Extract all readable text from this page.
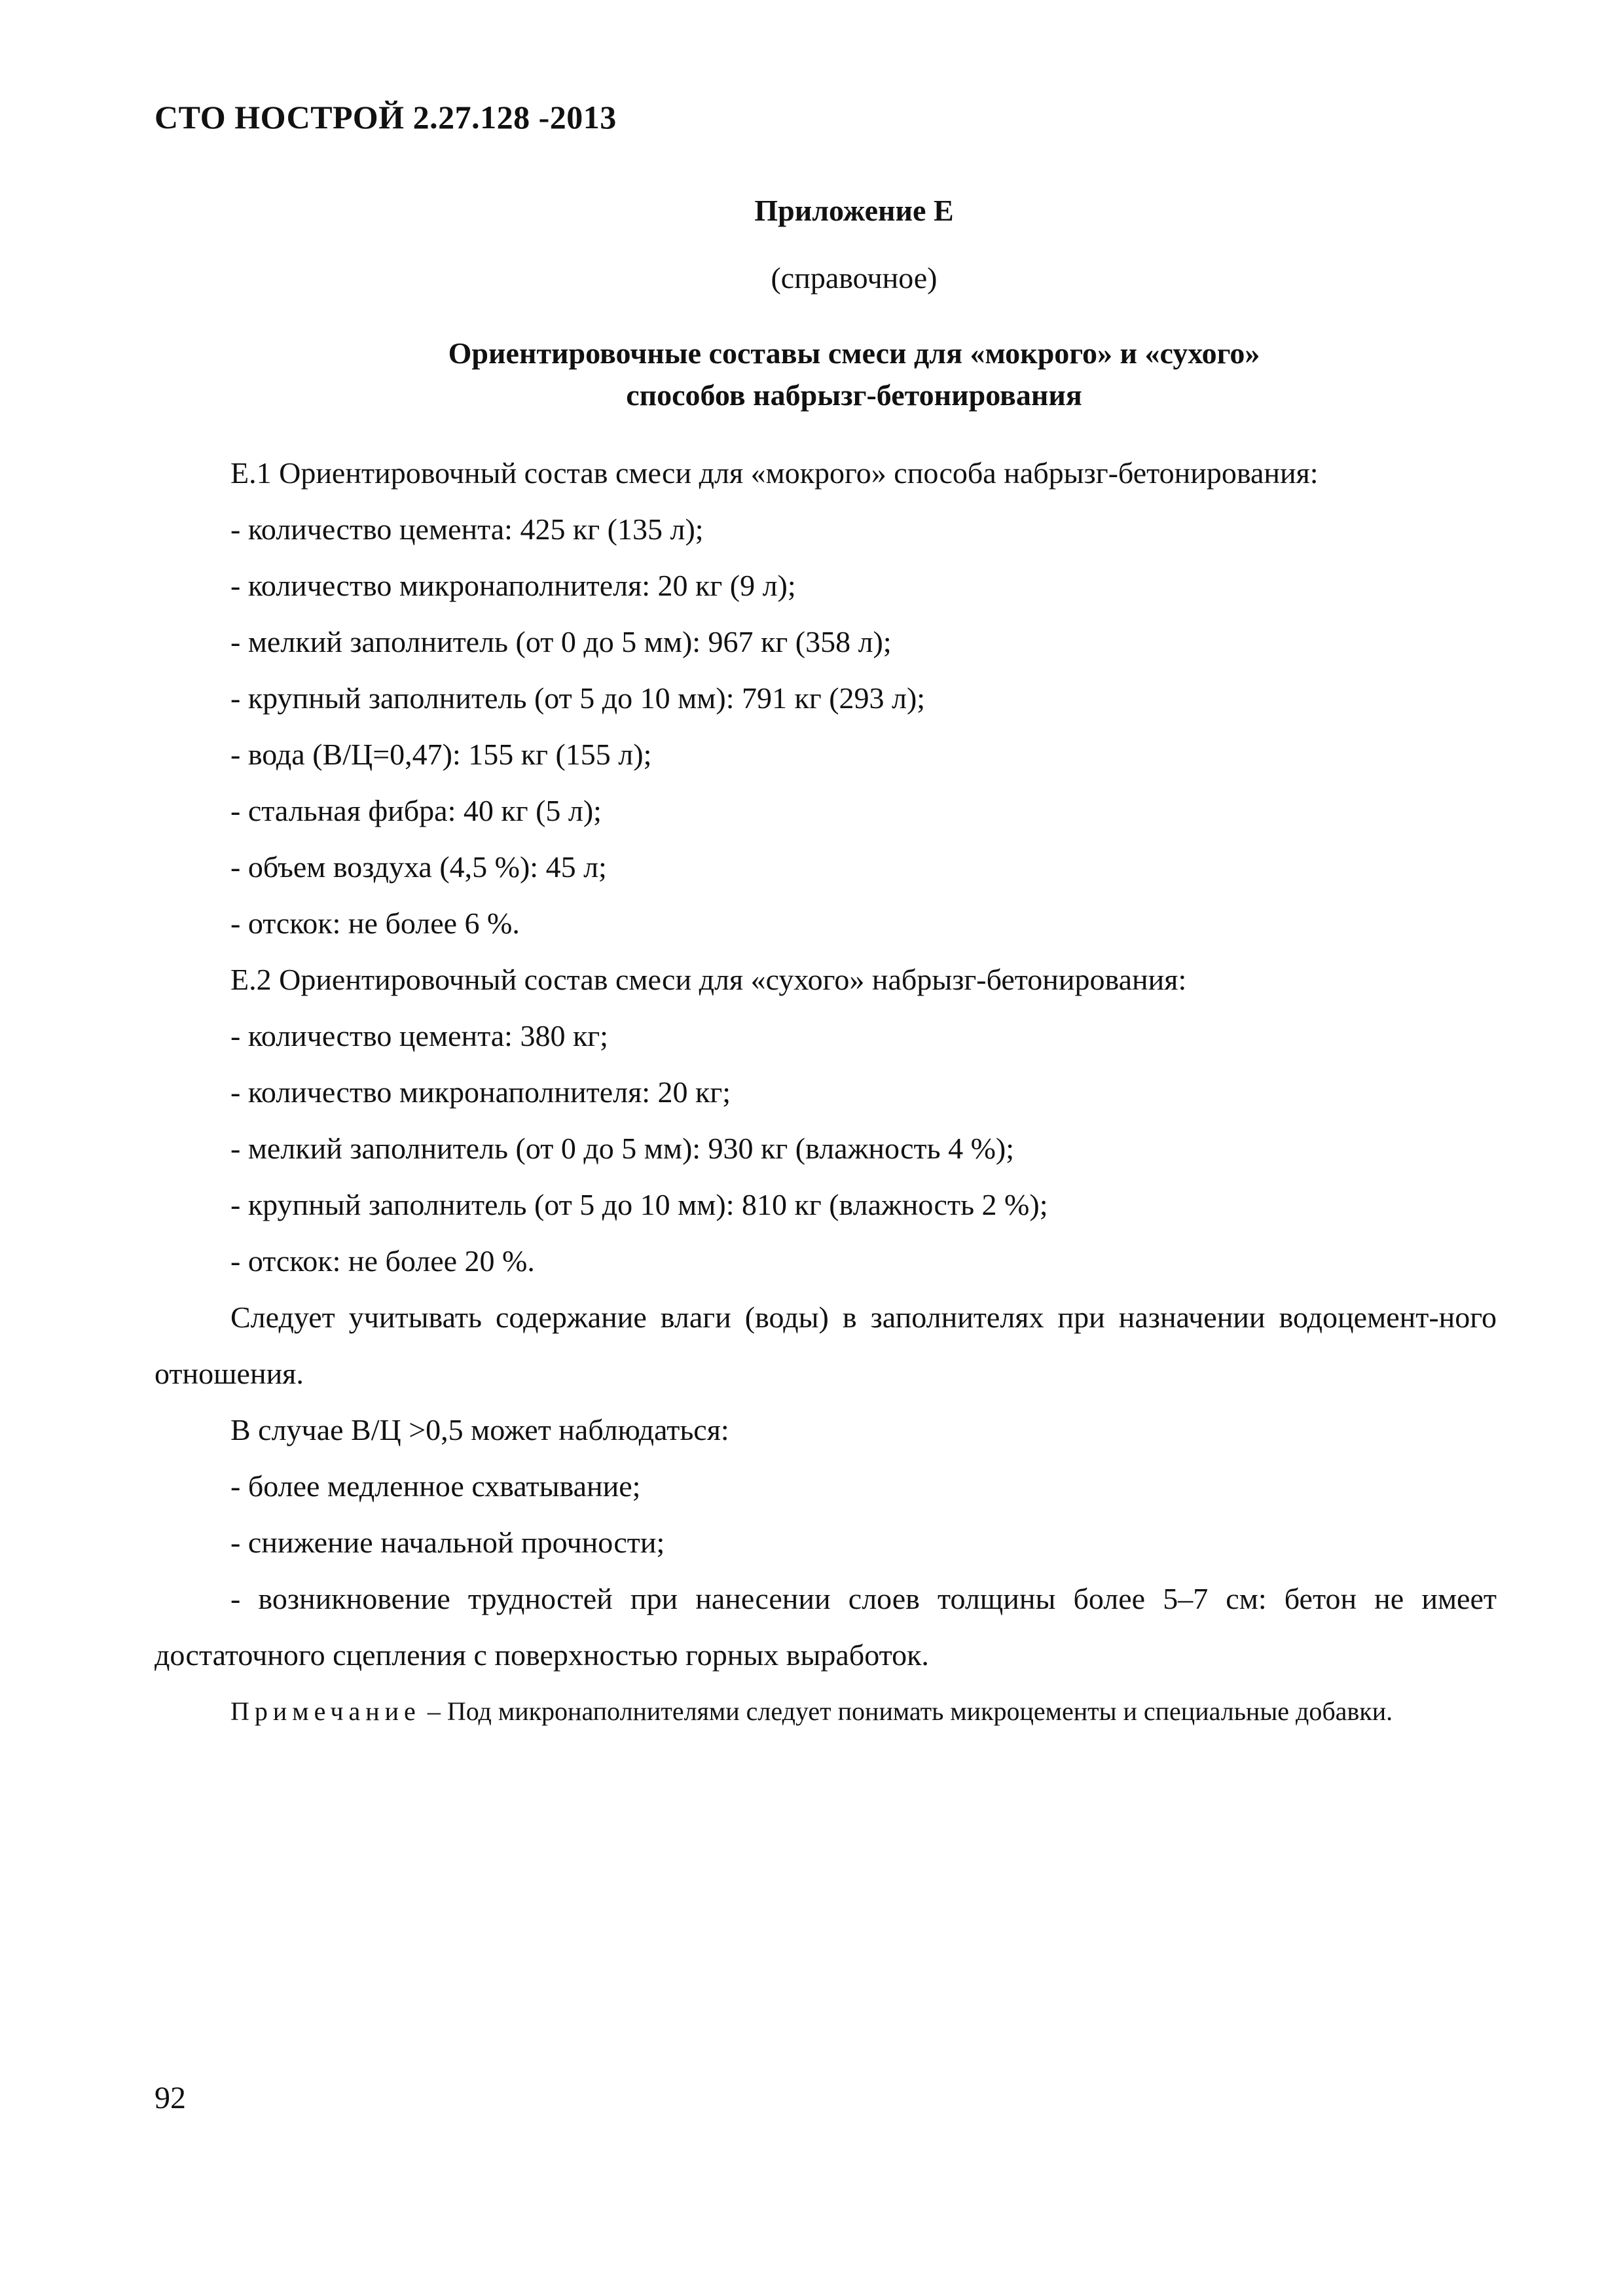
СТО НОСТРОЙ 2.27.128 -2013
Приложение Е
(справочное)
Ориентировочные составы смеси для «мокрого» и «сухого»
способов набрызг-бетонирования

Е.1 Ориентировочный состав смеси для «мокрого» способа набрызг-бетонирования:

- количество цемента: 425 кг (135 л);

- количество микронаполнителя: 20 кг (9 л);

- мелкий заполнитель (от 0 до 5 мм): 967 кг (358 л);

- крупный заполнитель (от 5 до 10 мм): 791 кг (293 л);

- вода (В/Ц=0,47): 155 кг (155 л);

- стальная фибра: 40 кг (5 л);

- объем воздуха (4,5 %): 45 л;

- отскок: не более 6 %.

Е.2 Ориентировочный состав смеси для «сухого» набрызг-бетонирования:

- количество цемента: 380 кг;

- количество микронаполнителя: 20 кг;

- мелкий заполнитель (от 0 до 5 мм): 930 кг (влажность 4 %);

- крупный заполнитель (от 5 до 10 мм): 810 кг (влажность 2 %);

- отскок: не более 20 %.

Следует учитывать содержание влаги (воды) в заполнителях при назначении водоцемент-ного отношения.

В случае В/Ц >0,5 может наблюдаться:

- более медленное схватывание;

- снижение начальной прочности;

- возникновение трудностей при нанесении слоев толщины более 5–7 см: бетон не имеет достаточного сцепления с поверхностью горных выработок.

Примечание – Под микронаполнителями следует понимать микроцементы и специальные добавки.

92
